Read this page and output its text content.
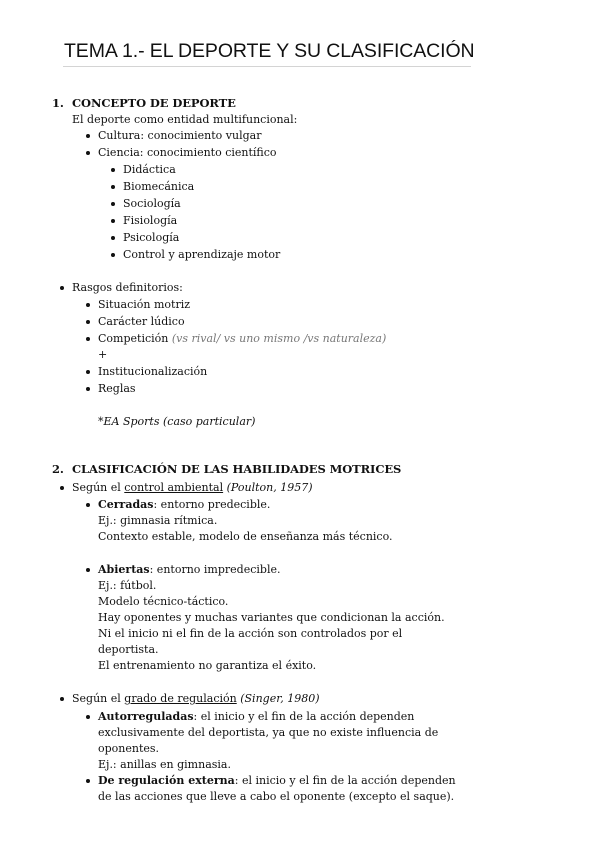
TEMA 1.- EL DEPORTE Y SU CLASIFICACIÓN
1. CONCEPTO DE DEPORTE
El deporte como entidad multifuncional:
Cultura: conocimiento vulgar
Ciencia: conocimiento científico
Didáctica
Biomecánica
Sociología
Fisiología
Psicología
Control y aprendizaje motor
Rasgos definitorios:
Situación motriz
Carácter lúdico
Competición (vs rival/ vs uno mismo /vs naturaleza)
+
Institucionalización
Reglas
*EA Sports (caso particular)
2. CLASIFICACIÓN DE LAS HABILIDADES MOTRICES
Según el control ambiental (Poulton, 1957)
Cerradas: entorno predecible.
Ej.: gimnasia rítmica.
Contexto estable, modelo de enseñanza más técnico.
Abiertas: entorno impredecible.
Ej.: fútbol.
Modelo técnico-táctico.
Hay oponentes y muchas variantes que condicionan la acción.
Ni el inicio ni el fin de la acción son controlados por el
deportista.
El entrenamiento no garantiza el éxito.
Según el grado de regulación (Singer, 1980)
Autorreguladas: el inicio y el fin de la acción dependen
exclusivamente del deportista, ya que no existe influencia de
oponentes.
Ej.: anillas en gimnasia.
De regulación externa: el inicio y el fin de la acción dependen
de las acciones que lleve a cabo el oponente (excepto el saque).
